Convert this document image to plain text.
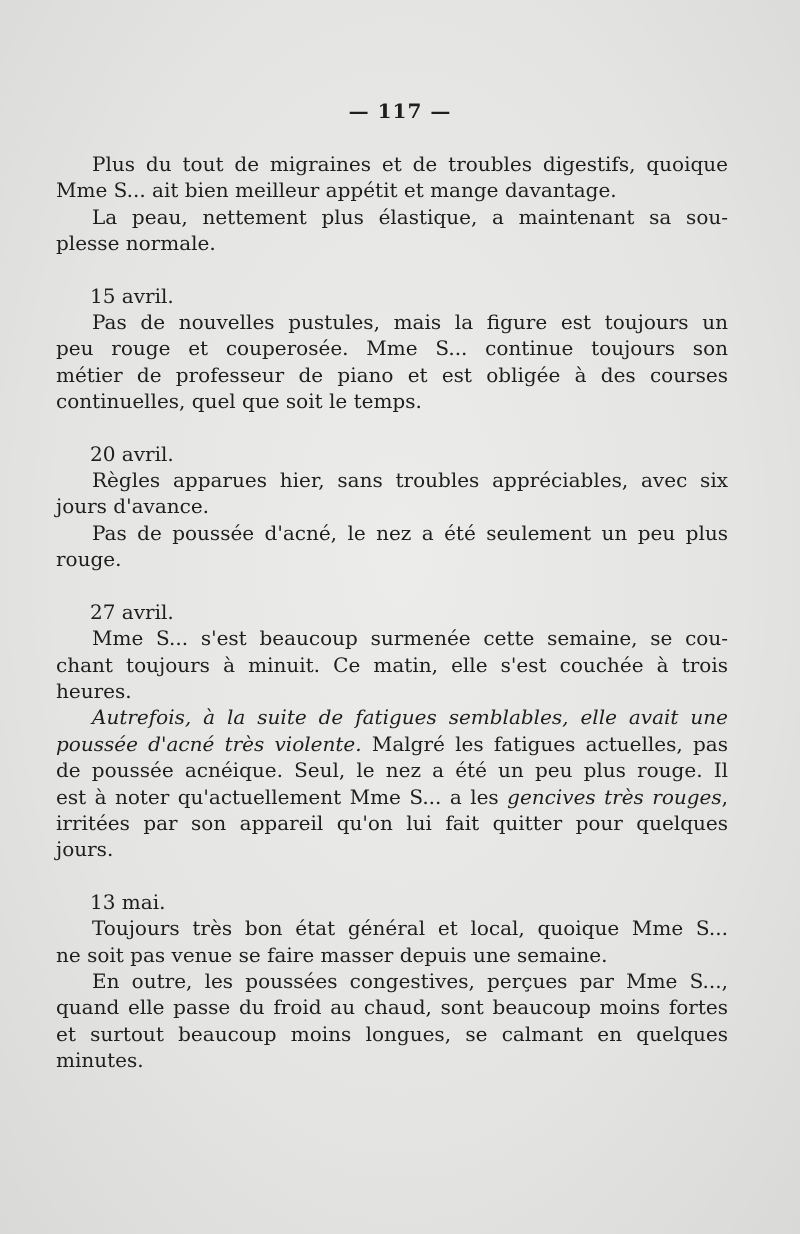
— 117 —

Plus du tout de migraines et de troubles digestifs, quoique
Mme S... ait bien meilleur appétit et mange davantage.

La peau, nettement plus élastique, a maintenant sa sou-
plesse normale.

15 avril.

Pas de nouvelles pustules, mais la figure est toujours un
peu rouge et couperosée. Mme S... continue toujours son
métier de professeur de piano et est obligée à des courses
continuelles, quel que soit le temps.

20 avril.

Règles apparues hier, sans troubles appréciables, avec six
jours d'avance.

Pas de poussée d'acné, le nez a été seulement un peu plus
rouge.

27 avril.

Mme S... s'est beaucoup surmenée cette semaine, se cou-
chant toujours à minuit. Ce matin, elle s'est couchée à trois
heures.

Autrefois, à la suite de fatigues semblables, elle avait une
poussée d'acné très violente. Malgré les fatigues actuelles, pas
de poussée acnéique. Seul, le nez a été un peu plus rouge. Il
est à noter qu'actuellement Mme S... a les gencives très rouges,
irritées par son appareil qu'on lui fait quitter pour quelques
jours.

13 mai.

Toujours très bon état général et local, quoique Mme S...
ne soit pas venue se faire masser depuis une semaine.

En outre, les poussées congestives, perçues par Mme S...,
quand elle passe du froid au chaud, sont beaucoup moins fortes
et surtout beaucoup moins longues, se calmant en quelques
minutes.
